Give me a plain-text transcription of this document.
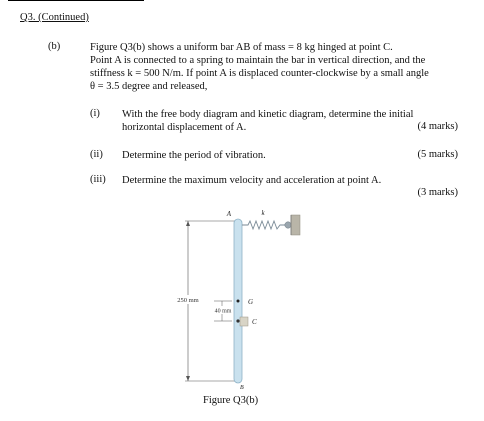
Q3. (Continued)
(b)	Figure Q3(b) shows a uniform bar AB of mass = 8 kg hinged at point C.
Point A is connected to a spring to maintain the bar in vertical direction, and the
stiffness k = 500 N/m. If point A is displaced counter-clockwise by a small angle
θ = 3.5 degree and released,
(i) With the free body diagram and kinetic diagram, determine the initial
horizontal displacement of A.	(4 marks)
(ii) Determine the period of vibration.	(5 marks)
(iii) Determine the maximum velocity and acceleration at point A.
(3 marks)
250 mm
40 mm
A	k
G
C
B
Figure Q3(b)
